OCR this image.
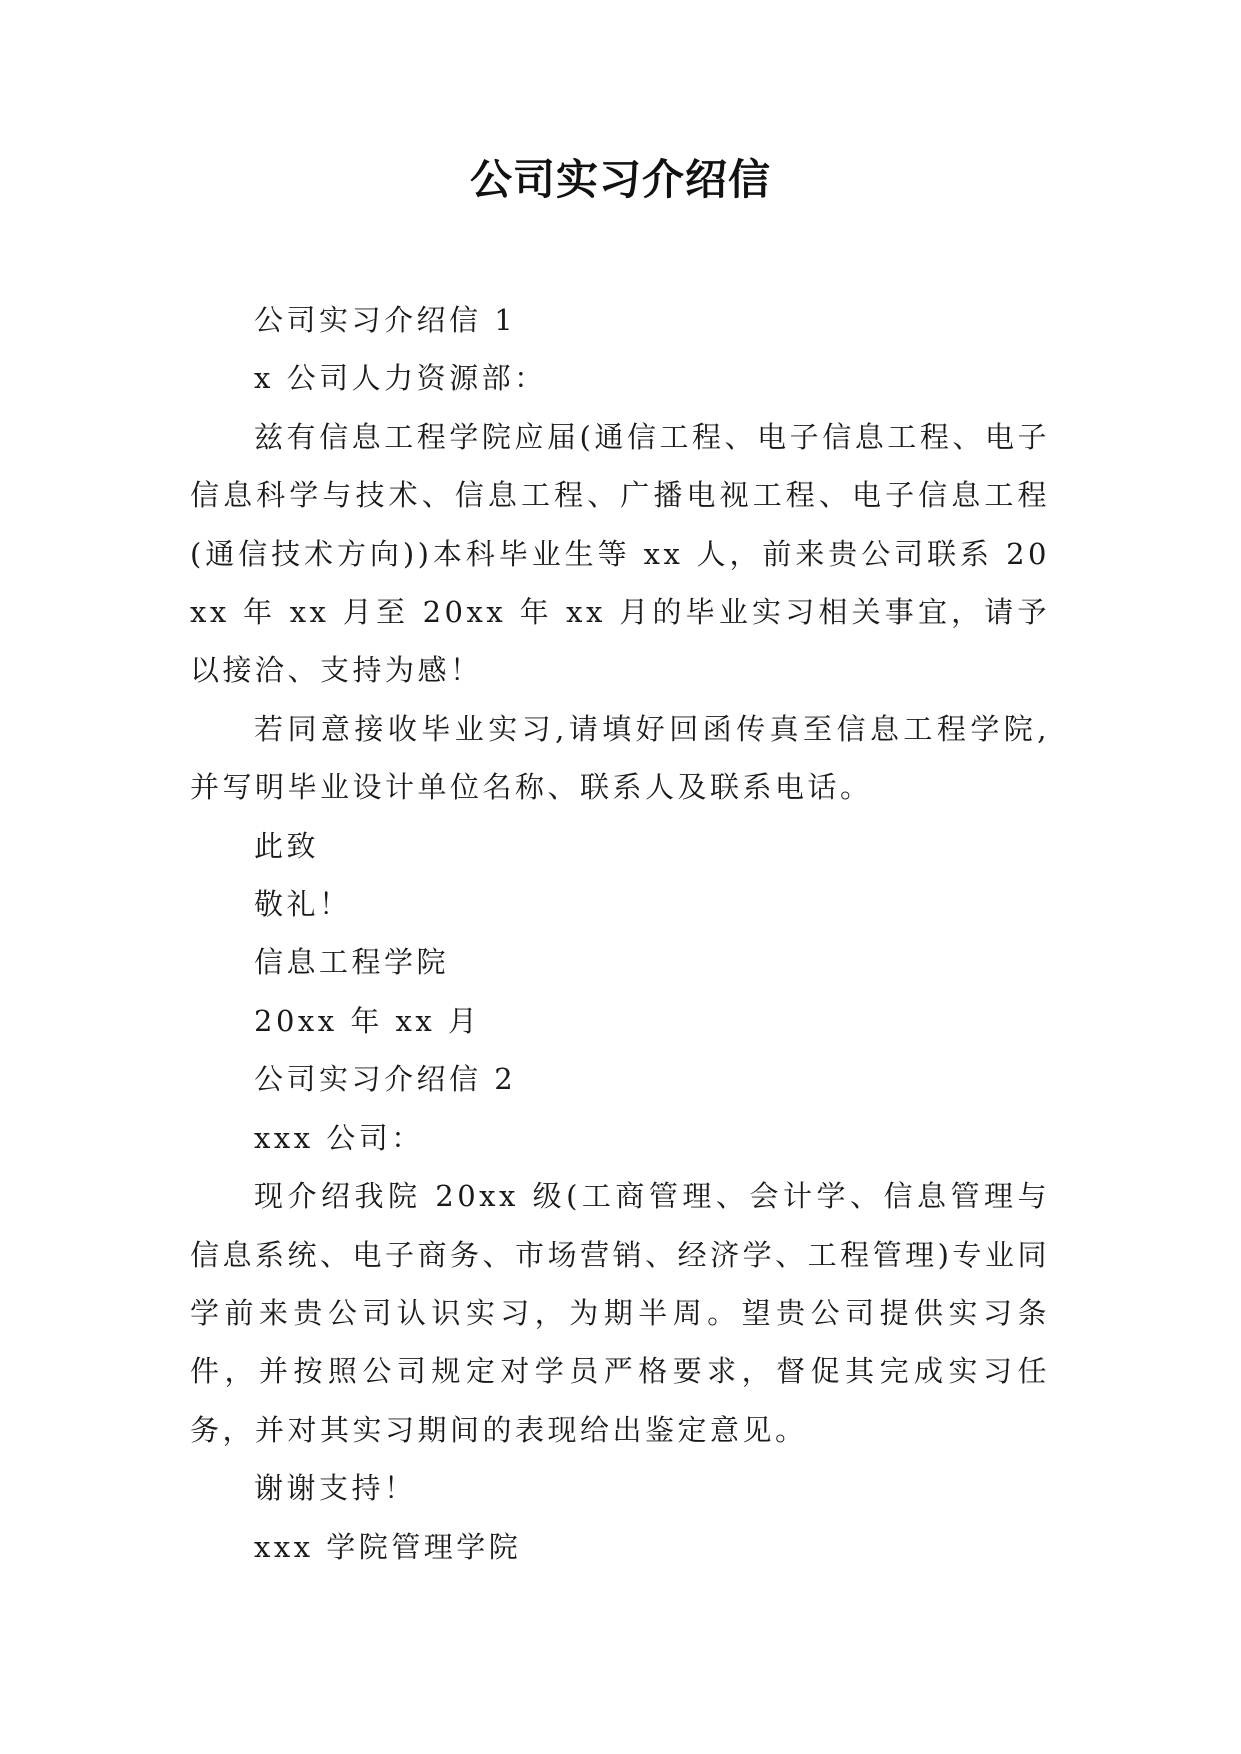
公司实习介绍信

公司实习介绍信 1

x 公司人力资源部：

兹有信息工程学院应届(通信工程、电子信息工程、电子信息科学与技术、信息工程、广播电视工程、电子信息工程(通信技术方向))本科毕业生等 xx 人，前来贵公司联系 20xx 年 xx 月至 20xx 年 xx 月的毕业实习相关事宜，请予以接洽、支持为感！

若同意接收毕业实习,请填好回函传真至信息工程学院,并写明毕业设计单位名称、联系人及联系电话。

此致

敬礼！

信息工程学院

20xx 年 xx 月

公司实习介绍信 2

xxx 公司：

现介绍我院 20xx 级(工商管理、会计学、信息管理与信息系统、电子商务、市场营销、经济学、工程管理)专业同学前来贵公司认识实习，为期半周。望贵公司提供实习条件，并按照公司规定对学员严格要求，督促其完成实习任务，并对其实习期间的表现给出鉴定意见。

谢谢支持！

xxx 学院管理学院
